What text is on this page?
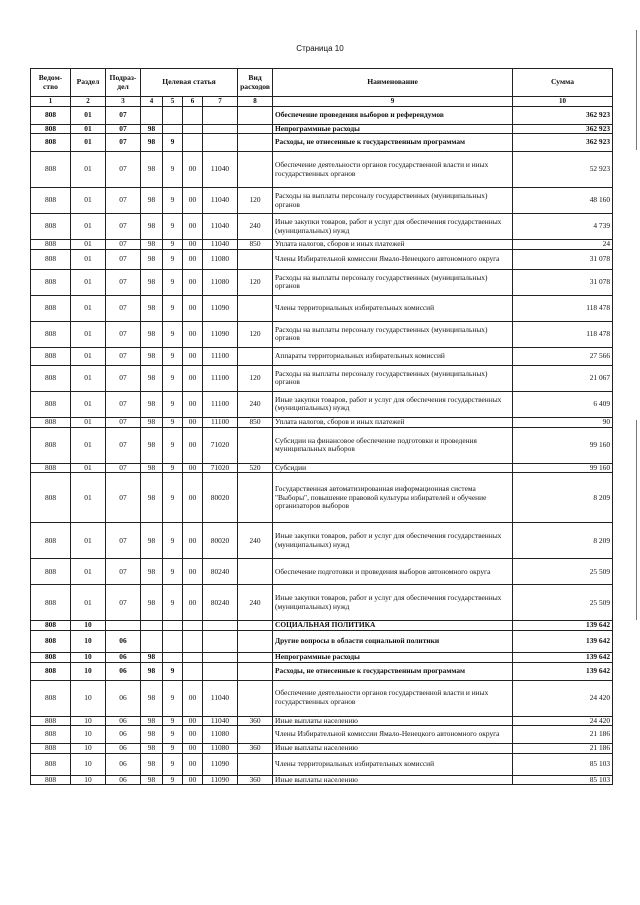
Страница 10
Ведом-ство	Раздел	Подраз-дел	Целевая статья				Вид расходов	Наименование	Сумма
1	2	3	4	5	6	7	8	9	10
808	01	07						Обеспечение проведения выборов и референдумов	362 923
808	01	07	98					Непрограммные расходы	362 923
808	01	07	98	9				Расходы, не отнесенные к государственным программам	362 923
808	01	07	98	9	00	11040		Обеспечение деятельности органов государственной власти и иных государственных органов	52 923
808	01	07	98	9	00	11040	120	Расходы на выплаты персоналу государственных (муниципальных) органов	48 160
808	01	07	98	9	00	11040	240	Иные закупки товаров, работ и услуг для обеспечения государственных (муниципальных) нужд	4 739
808	01	07	98	9	00	11040	850	Уплата налогов, сборов и иных платежей	24
808	01	07	98	9	00	11080		Члены Избирательной комиссии Ямало-Ненецкого автономного округа	31 078
808	01	07	98	9	00	11080	120	Расходы на выплаты персоналу государственных (муниципальных) органов	31 078
808	01	07	98	9	00	11090		Члены территориальных избирательных комиссий	118 478
808	01	07	98	9	00	11090	120	Расходы на выплаты персоналу государственных (муниципальных) органов	118 478
808	01	07	98	9	00	11100		Аппараты территориальных избирательных комиссий	27 566
808	01	07	98	9	00	11100	120	Расходы на выплаты персоналу государственных (муниципальных) органов	21 067
808	01	07	98	9	00	11100	240	Иные закупки товаров, работ и услуг для обеспечения государственных (муниципальных) нужд	6 409
808	01	07	98	9	00	11100	850	Уплата налогов, сборов и иных платежей	90
808	01	07	98	9	00	71020		Субсидии на финансовое обеспечение подготовки и проведения муниципальных выборов	99 160
808	01	07	98	9	00	71020	520	Субсидии	99 160
808	01	07	98	9	00	80020		Государственная автоматизированная информационная система "Выборы", повышение правовой культуры избирателей и обучение организаторов выборов	8 209
808	01	07	98	9	00	80020	240	Иные закупки товаров, работ и услуг для обеспечения государственных (муниципальных) нужд	8 209
808	01	07	98	9	00	80240		Обеспечение подготовки и проведения выборов автономного округа	25 509
808	01	07	98	9	00	80240	240	Иные закупки товаров, работ и услуг для обеспечения государственных (муниципальных) нужд	25 509
808	10							СОЦИАЛЬНАЯ ПОЛИТИКА	139 642
808	10	06						Другие вопросы в области социальной политики	139 642
808	10	06	98					Непрограммные расходы	139 642
808	10	06	98	9				Расходы, не отнесенные к государственным программам	139 642
808	10	06	98	9	00	11040		Обеспечение деятельности органов государственной власти и иных государственных органов	24 420
808	10	06	98	9	00	11040	360	Иные выплаты населению	24 420
808	10	06	98	9	00	11080		Члены Избирательной комиссии Ямало-Ненецкого автономного округа	21 186
808	10	06	98	9	00	11080	360	Иные выплаты населению	21 186
808	10	06	98	9	00	11090		Члены территориальных избирательных комиссий	85 103
808	10	06	98	9	00	11090	360	Иные выплаты населению	85 103
